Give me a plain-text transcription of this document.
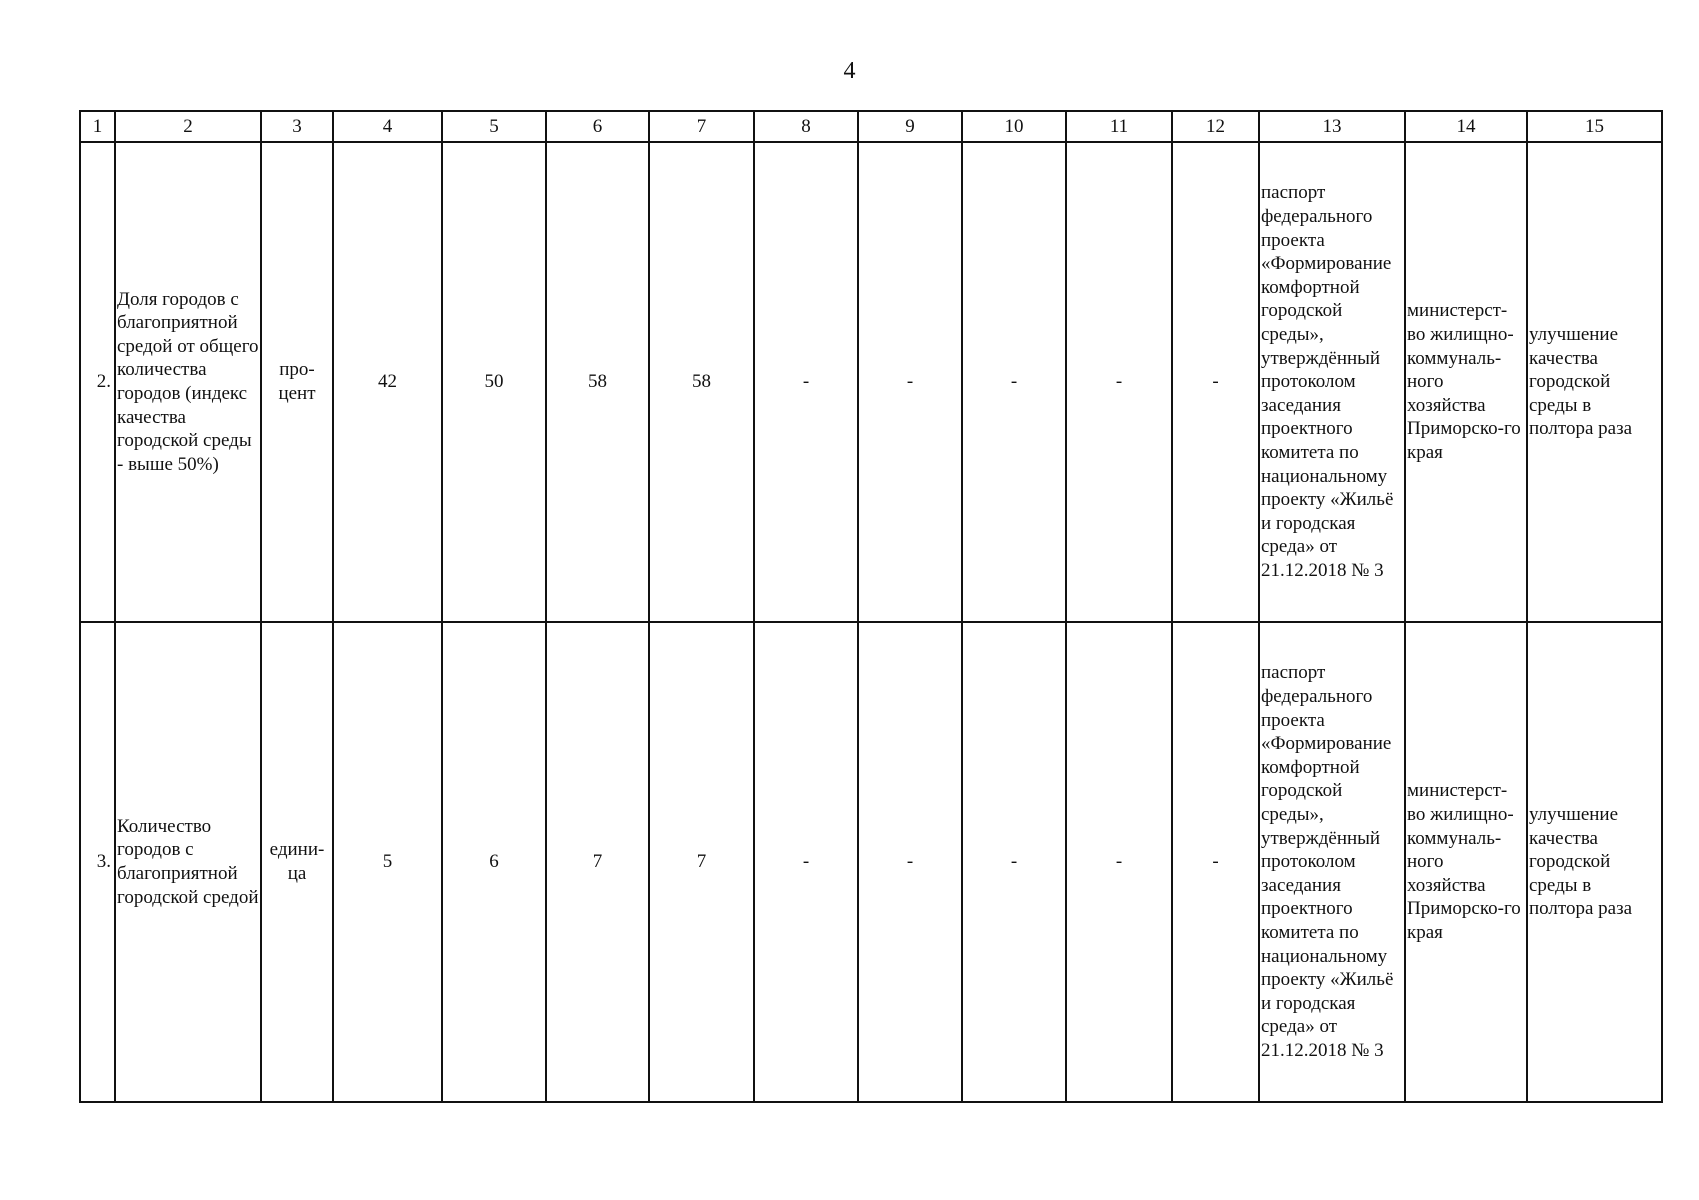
4
1	2	3	4	5	6	7	8	9	10	11	12	13	14	15
2.	Доля городов с благоприятной средой от общего количества городов (индекс качества городской среды - выше 50%)	про-цент	42	50	58	58	-	-	-	-	-	паспорт федерального проекта «Формирование комфортной городской среды», утверждённый протоколом заседания проектного комитета по национальному проекту «Жильё и городская среда» от 21.12.2018 № 3	министерст-во жилищно-коммуналь-ного хозяйства Приморско-го края	улучшение качества городской среды в полтора раза

3.	Количество городов с благоприятной городской средой	едини-ца	5	6	7	7	-	-	-	-	-	паспорт федерального проекта «Формирование комфортной городской среды», утверждённый протоколом заседания проектного комитета по национальному проекту «Жильё и городская среда» от 21.12.2018 № 3	министерст-во жилищно-коммуналь-ного хозяйства Приморско-го края	улучшение качества городской среды в полтора раза
